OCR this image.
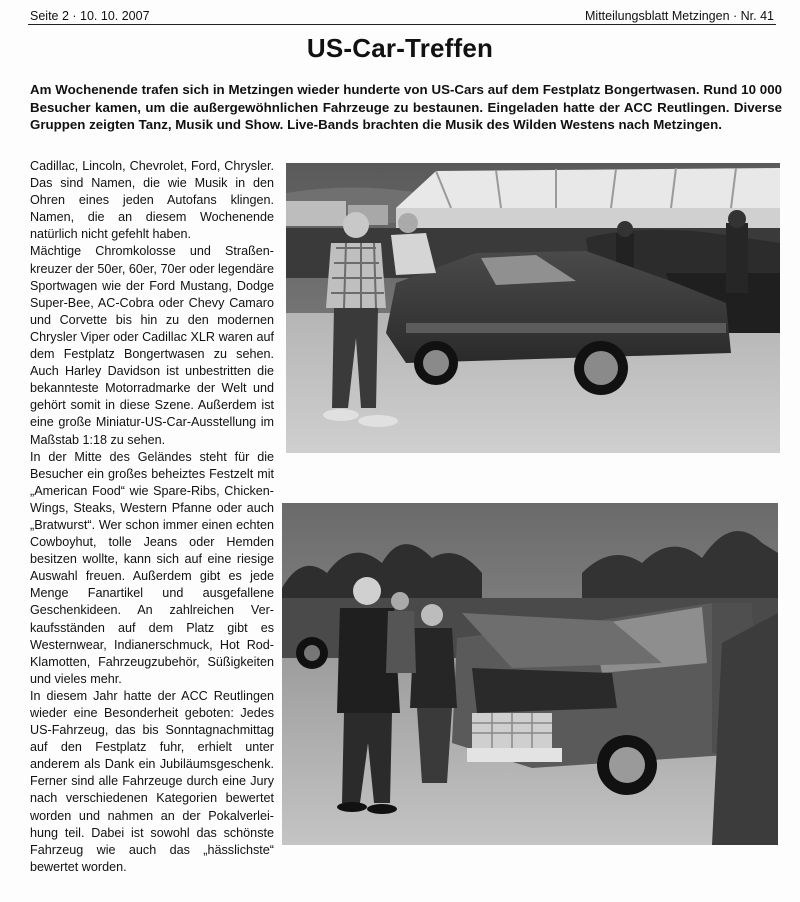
Seite 2 · 10. 10. 2007	Mitteilungsblatt Metzingen · Nr. 41
US-Car-Treffen
Am Wochenende trafen sich in Metzingen wieder hunderte von US-Cars auf dem Festplatz Bongertwasen. Rund 10 000 Besucher kamen, um die außergewöhnlichen Fahrzeuge zu bestaunen. Eingeladen hatte der ACC Reutlingen. Diverse Gruppen zeigten Tanz, Musik und Show. Live-Bands brachten die Musik des Wilden Westens nach Metzingen.

Cadillac, Lincoln, Chevrolet, Ford, Chrysler. Das sind Namen, die wie Musik in den Ohren eines jeden Autofans klingen. Namen, die an diesem Wochenende natürlich nicht gefehlt haben.

Mächtige Chromkolosse und Straßenkreuzer der 50er, 60er, 70er oder legendäre Sportwagen wie der Ford Mustang, Dodge Super-Bee, AC-Cobra oder Chevy Camaro und Corvette bis hin zu den modernen Chrysler Viper oder Cadillac XLR waren auf dem Festplatz Bongertwasen zu sehen. Auch Harley Davidson ist unbestritten die bekannteste Motorradmarke der Welt und gehört somit in diese Szene. Außerdem ist eine große Miniatur-US-Car-Ausstellung im Maßstab 1:18 zu sehen.

In der Mitte des Geländes steht für die Besucher ein großes beheiztes Festzelt mit „American Food“ wie Spare-Ribs, Chicken-Wings, Steaks, Western Pfanne oder auch „Bratwurst“. Wer schon immer einen echten Cowboyhut, tolle Jeans oder Hemden besitzen wollte, kann sich auf eine riesige Auswahl freuen. Außerdem gibt es jede Menge Fanartikel und ausgefallene Geschenkideen. An zahlreichen Verkaufsständen auf dem Platz gibt es Westernwear, Indianerschmuck, Hot Rod-Klamotten, Fahrzeugzubehör, Süßigkeiten und vieles mehr.

In diesem Jahr hatte der ACC Reutlingen wieder eine Besonderheit geboten: Jedes US-Fahrzeug, das bis Sonntagnachmittag auf den Festplatz fuhr, erhielt unter anderem als Dank ein Jubiläumsgeschenk. Ferner sind alle Fahrzeuge durch eine Jury nach verschiedenen Kategorien bewertet worden und nahmen an der Pokalverleihung teil. Dabei ist sowohl das schönste Fahrzeug wie auch das „hässlichste“ bewertet worden.
